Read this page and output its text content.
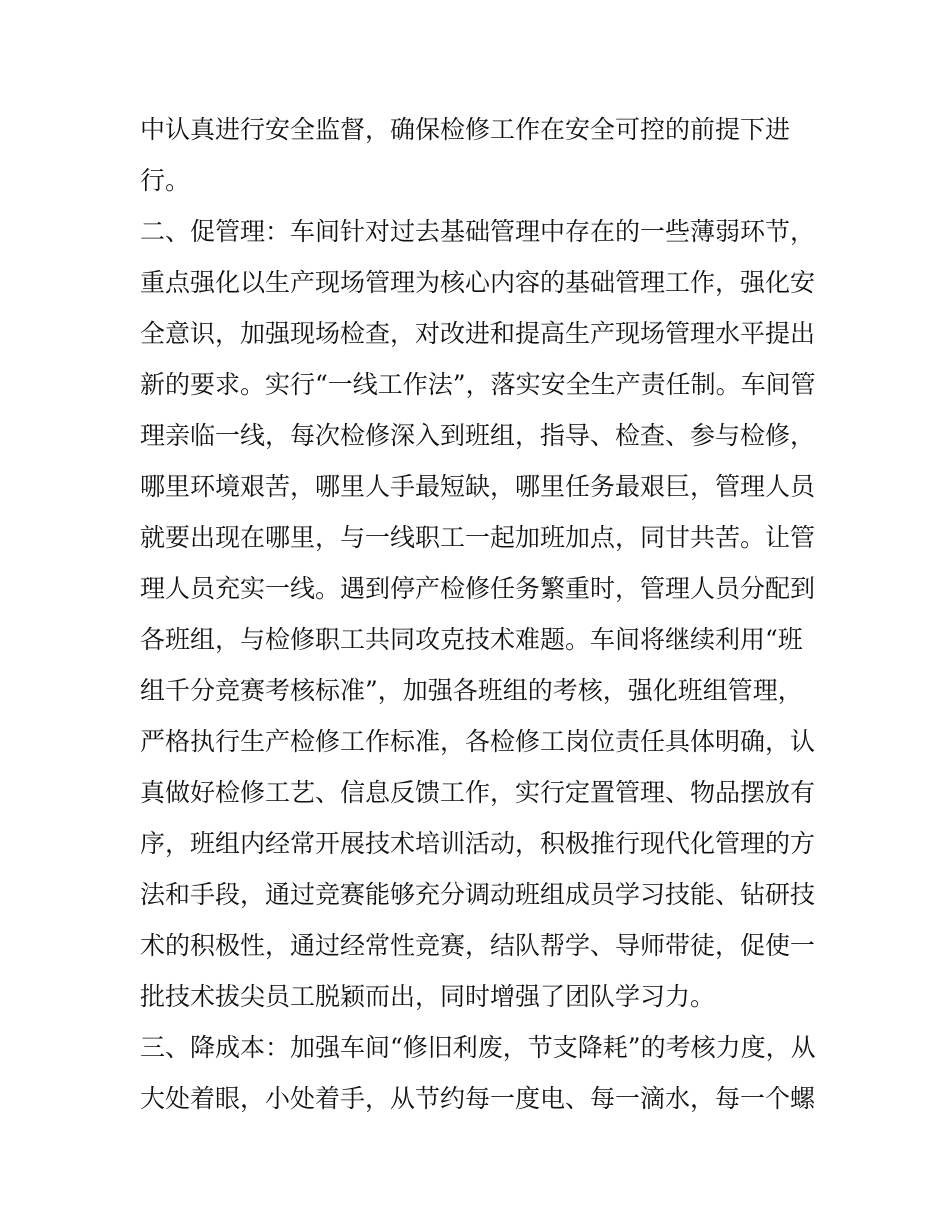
中认真进行安全监督，确保检修工作在安全可控的前提下进
行。
二、促管理：车间针对过去基础管理中存在的一些薄弱环节，
重点强化以生产现场管理为核心内容的基础管理工作，强化安
全意识，加强现场检查，对改进和提高生产现场管理水平提出
新的要求。实行“一线工作法”，落实安全生产责任制。车间管
理亲临一线，每次检修深入到班组，指导、检查、参与检修，
哪里环境艰苦，哪里人手最短缺，哪里任务最艰巨，管理人员
就要出现在哪里，与一线职工一起加班加点，同甘共苦。让管
理人员充实一线。遇到停产检修任务繁重时，管理人员分配到
各班组，与检修职工共同攻克技术难题。车间将继续利用“班
组千分竞赛考核标准”，加强各班组的考核，强化班组管理，
严格执行生产检修工作标准，各检修工岗位责任具体明确，认
真做好检修工艺、信息反馈工作，实行定置管理、物品摆放有
序，班组内经常开展技术培训活动，积极推行现代化管理的方
法和手段，通过竞赛能够充分调动班组成员学习技能、钻研技
术的积极性，通过经常性竞赛，结队帮学、导师带徒，促使一
批技术拔尖员工脱颖而出，同时增强了团队学习力。
三、降成本：加强车间“修旧利废，节支降耗”的考核力度，从
大处着眼，小处着手，从节约每一度电、每一滴水，每一个螺
